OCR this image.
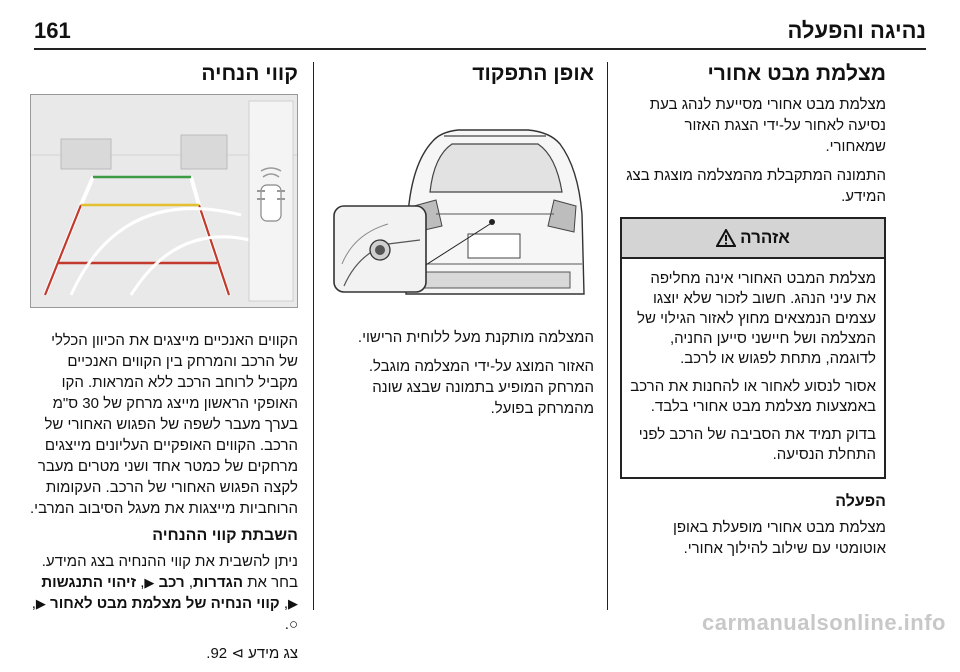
נהיגה והפעלה
161
מצלמת מבט אחורי

מצלמת מבט אחורי מסייעת לנהג בעת נסיעה לאחור על-ידי הצגת האזור שמאחורי.

התמונה המתקבלת מהמצלמה מוצגת בצג המידע.

אזהרה

מצלמת המבט האחורי אינה מחליפה את עיני הנהג. חשוב לזכור שלא יוצגו עצמים הנמצאים מחוץ לאזור הגילוי של המצלמה ושל חיישני סייען החניה, לדוגמה, מתחת לפגוש או לרכב.

אסור לנסוע לאחור או להחנות את הרכב באמצעות מצלמת מבט אחורי בלבד.

בדוק תמיד את הסביבה של הרכב לפני התחלת הנסיעה.

הפעלה

מצלמת מבט אחורי מופעלת באופן אוטומטי עם שילוב להילוך אחורי.

אופן התפקוד

המצלמה מותקנת מעל ללוחית הרישוי.

האזור המוצג על-ידי המצלמה מוגבל. המרחק המופיע בתמונה שבצג שונה מהמרחק בפועל.

קווי הנחיה

הקווים האנכיים מייצגים את הכיוון הכללי של הרכב והמרחק בין הקווים האנכיים מקביל לרוחב הרכב ללא המראות. הקו האופקי הראשון מייצג מרחק של 30 ס"מ בערך מעבר לשפה של הפגוש האחורי של הרכב. הקווים האופקיים העליונים מייצגים מרחקים של כמטר אחד ושני מטרים מעבר לקצה הפגוש האחורי של הרכב. העקומות הרוחביות מייצגות את מעגל הסיבוב המרבי.

השבתת קווי ההנחיה

ניתן להשבית את קווי ההנחיה בצג המידע.

בחר את הגדרות, רכב ▶, זיהוי התנגשות ▶, קווי הנחיה של מצלמת מבט לאחור ▶, ○.

צג מידע ⊳ 92.

carmanualsonline.info
